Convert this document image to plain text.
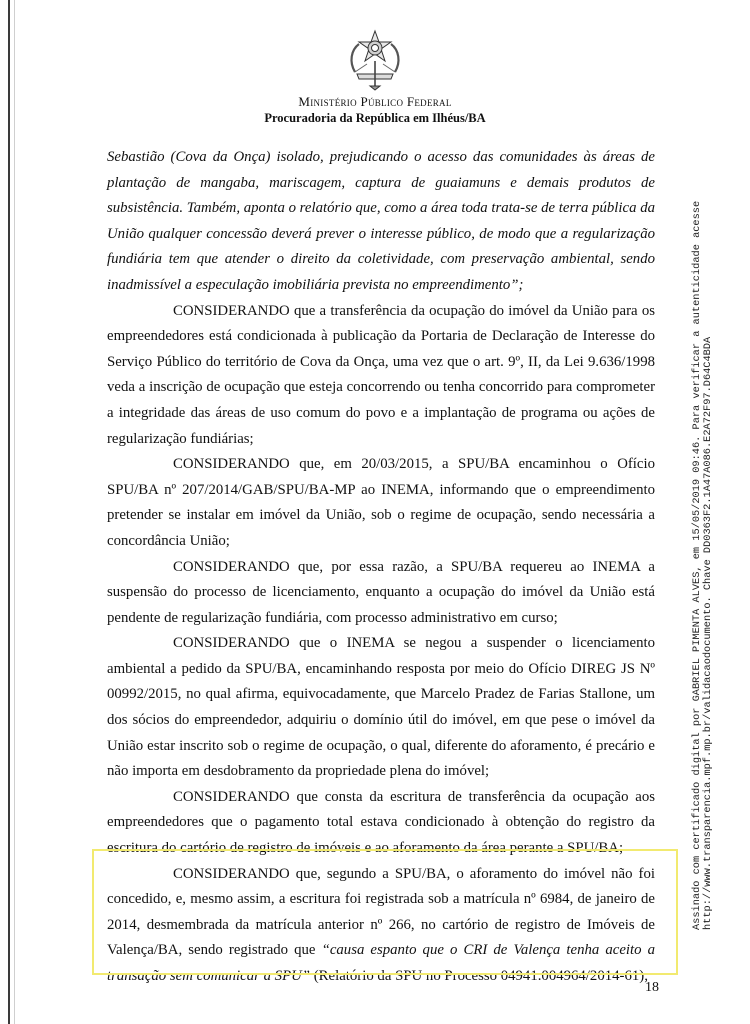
Ministério Público Federal
Procuradoria da República em Ilhéus/BA

Sebastião (Cova da Onça) isolado, prejudicando o acesso das comunidades às áreas de plantação de mangaba, mariscagem, captura de guaiamuns e demais produtos de subsistência. Também, aponta o relatório que, como a área toda trata-se de terra pública da União qualquer concessão deverá prever o interesse público, de modo que a regularização fundiária tem que atender o direito da coletividade, com preservação ambiental, sendo inadmissível a especulação imobiliária prevista no empreendimento”;

CONSIDERANDO que a transferência da ocupação do imóvel da União para os empreendedores está condicionada à publicação da Portaria de Declaração de Interesse do Serviço Público do território de Cova da Onça, uma vez que o art. 9º, II, da Lei 9.636/1998 veda a inscrição de ocupação que esteja concorrendo ou tenha concorrido para comprometer a integridade das áreas de uso comum do povo e a implantação de programa ou ações de regularização fundiárias;

CONSIDERANDO que, em 20/03/2015, a SPU/BA encaminhou o Ofício SPU/BA nº 207/2014/GAB/SPU/BA-MP ao INEMA, informando que o empreendimento pretender se instalar em imóvel da União, sob o regime de ocupação, sendo necessária a concordância União;

CONSIDERANDO que, por essa razão, a SPU/BA requereu ao INEMA a suspensão do processo de licenciamento, enquanto a ocupação do imóvel da União está pendente de regularização fundiária, com processo administrativo em curso;

CONSIDERANDO que o INEMA se negou a suspender o licenciamento ambiental a pedido da SPU/BA, encaminhando resposta por meio do Ofício DIREG JS Nº 00992/2015, no qual afirma, equivocadamente, que Marcelo Pradez de Farias Stallone, um dos sócios do empreendedor, adquiriu o domínio útil do imóvel, em que pese o imóvel da União estar inscrito sob o regime de ocupação, o qual, diferente do aforamento, é precário e não importa em desdobramento da propriedade plena do imóvel;

CONSIDERANDO que consta da escritura de transferência da ocupação aos empreendedores que o pagamento total estava condicionado à obtenção do registro da escritura do cartório de registro de imóveis e ao aforamento da área perante a SPU/BA;

CONSIDERANDO que, segundo a SPU/BA, o aforamento do imóvel não foi concedido, e, mesmo assim, a escritura foi registrada sob a matrícula nº 6984, de janeiro de 2014, desmembrada da matrícula anterior nº 266, no cartório de registro de Imóveis de Valença/BA, sendo registrado que “causa espanto que o CRI de Valença tenha aceito a transação sem comunicar a SPU” (Relatório da SPU no Processo 04941.004964/2014-61);

18
Assinado com certificado digital por GABRIEL PIMENTA ALVES, em 15/05/2019 09:46. Para verificar a autenticidade acesse http://www.transparencia.mpf.mp.br/validacaodocumento. Chave DD0363F2.1A47A086.E2A72F97.D64C4BDA
